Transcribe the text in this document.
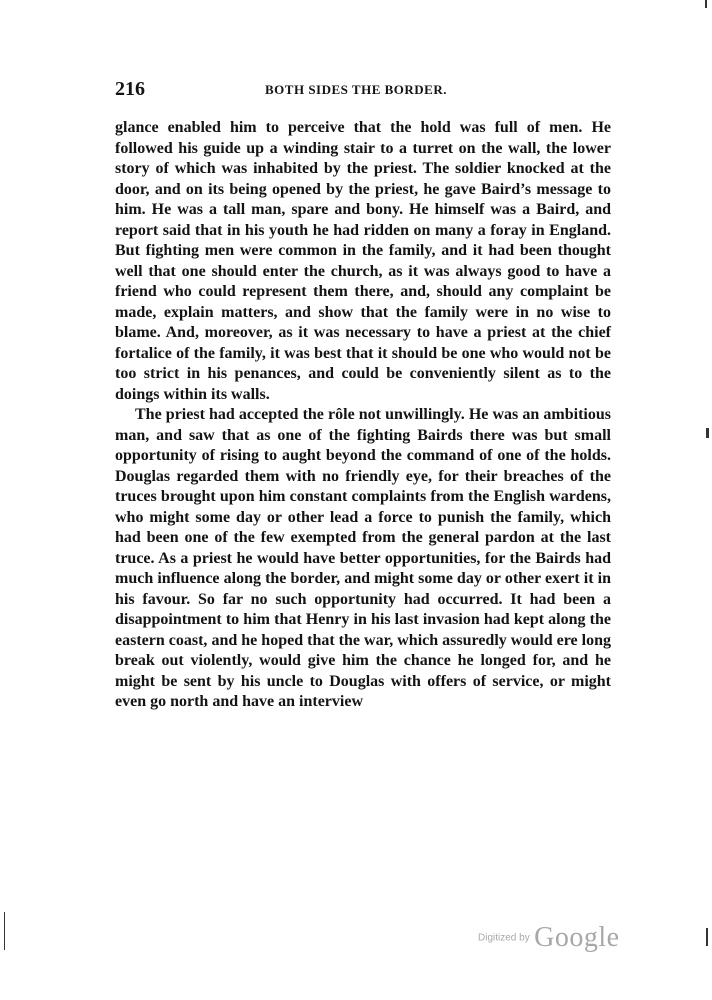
216	BOTH SIDES THE BORDER.

glance enabled him to perceive that the hold was full of men. He followed his guide up a winding stair to a turret on the wall, the lower story of which was inhabited by the priest. The soldier knocked at the door, and on its being opened by the priest, he gave Baird’s message to him. He was a tall man, spare and bony. He himself was a Baird, and report said that in his youth he had ridden on many a foray in England. But fighting men were common in the family, and it had been thought well that one should enter the church, as it was always good to have a friend who could represent them there, and, should any complaint be made, explain matters, and show that the family were in no wise to blame. And, moreover, as it was necessary to have a priest at the chief fortalice of the family, it was best that it should be one who would not be too strict in his penances, and could be conveniently silent as to the doings within its walls.

The priest had accepted the rôle not unwillingly. He was an ambitious man, and saw that as one of the fighting Bairds there was but small opportunity of rising to aught beyond the command of one of the holds. Douglas regarded them with no friendly eye, for their breaches of the truces brought upon him constant complaints from the English wardens, who might some day or other lead a force to punish the family, which had been one of the few exempted from the general pardon at the last truce. As a priest he would have better opportunities, for the Bairds had much influence along the border, and might some day or other exert it in his favour. So far no such opportunity had occurred. It had been a disappointment to him that Henry in his last invasion had kept along the eastern coast, and he hoped that the war, which assuredly would ere long break out violently, would give him the chance he longed for, and he might be sent by his uncle to Douglas with offers of service, or might even go north and have an interview

Digitized by Google
